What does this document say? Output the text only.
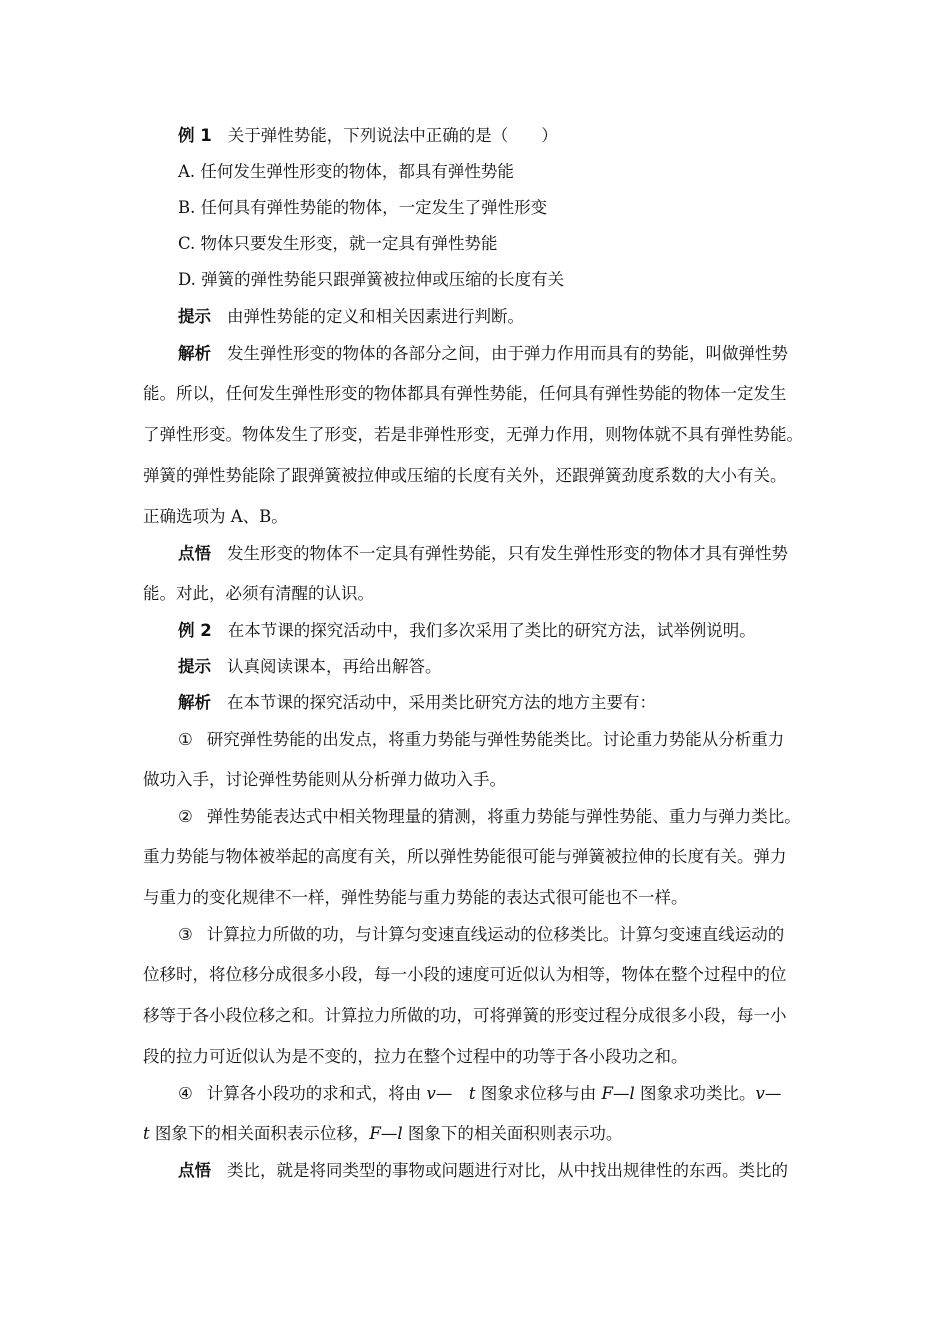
例 1 关于弹性势能，下列说法中正确的是（　　）
A. 任何发生弹性形变的物体，都具有弹性势能
B. 任何具有弹性势能的物体，一定发生了弹性形变
C. 物体只要发生形变，就一定具有弹性势能
D. 弹簧的弹性势能只跟弹簧被拉伸或压缩的长度有关
提示 由弹性势能的定义和相关因素进行判断。
解析 发生弹性形变的物体的各部分之间，由于弹力作用而具有的势能，叫做弹性势
能。所以，任何发生弹性形变的物体都具有弹性势能，任何具有弹性势能的物体一定发生
了弹性形变。物体发生了形变，若是非弹性形变，无弹力作用，则物体就不具有弹性势能。
弹簧的弹性势能除了跟弹簧被拉伸或压缩的长度有关外，还跟弹簧劲度系数的大小有关。
正确选项为 A、B。
点悟 发生形变的物体不一定具有弹性势能，只有发生弹性形变的物体才具有弹性势
能。对此，必须有清醒的认识。
例 2 在本节课的探究活动中，我们多次采用了类比的研究方法，试举例说明。
提示 认真阅读课本，再给出解答。
解析 在本节课的探究活动中，采用类比研究方法的地方主要有：
① 研究弹性势能的出发点，将重力势能与弹性势能类比。讨论重力势能从分析重力
做功入手，讨论弹性势能则从分析弹力做功入手。
② 弹性势能表达式中相关物理量的猜测，将重力势能与弹性势能、重力与弹力类比。
重力势能与物体被举起的高度有关，所以弹性势能很可能与弹簧被拉伸的长度有关。弹力
与重力的变化规律不一样，弹性势能与重力势能的表达式很可能也不一样。
③ 计算拉力所做的功，与计算匀变速直线运动的位移类比。计算匀变速直线运动的
位移时，将位移分成很多小段，每一小段的速度可近似认为相等，物体在整个过程中的位
移等于各小段位移之和。计算拉力所做的功，可将弹簧的形变过程分成很多小段，每一小
段的拉力可近似认为是不变的，拉力在整个过程中的功等于各小段功之和。
④ 计算各小段功的求和式，将由 v—　t 图象求位移与由 F—l 图象求功类比。v—
t 图象下的相关面积表示位移，F—l 图象下的相关面积则表示功。
点悟 类比，就是将同类型的事物或问题进行对比，从中找出规律性的东西。类比的
